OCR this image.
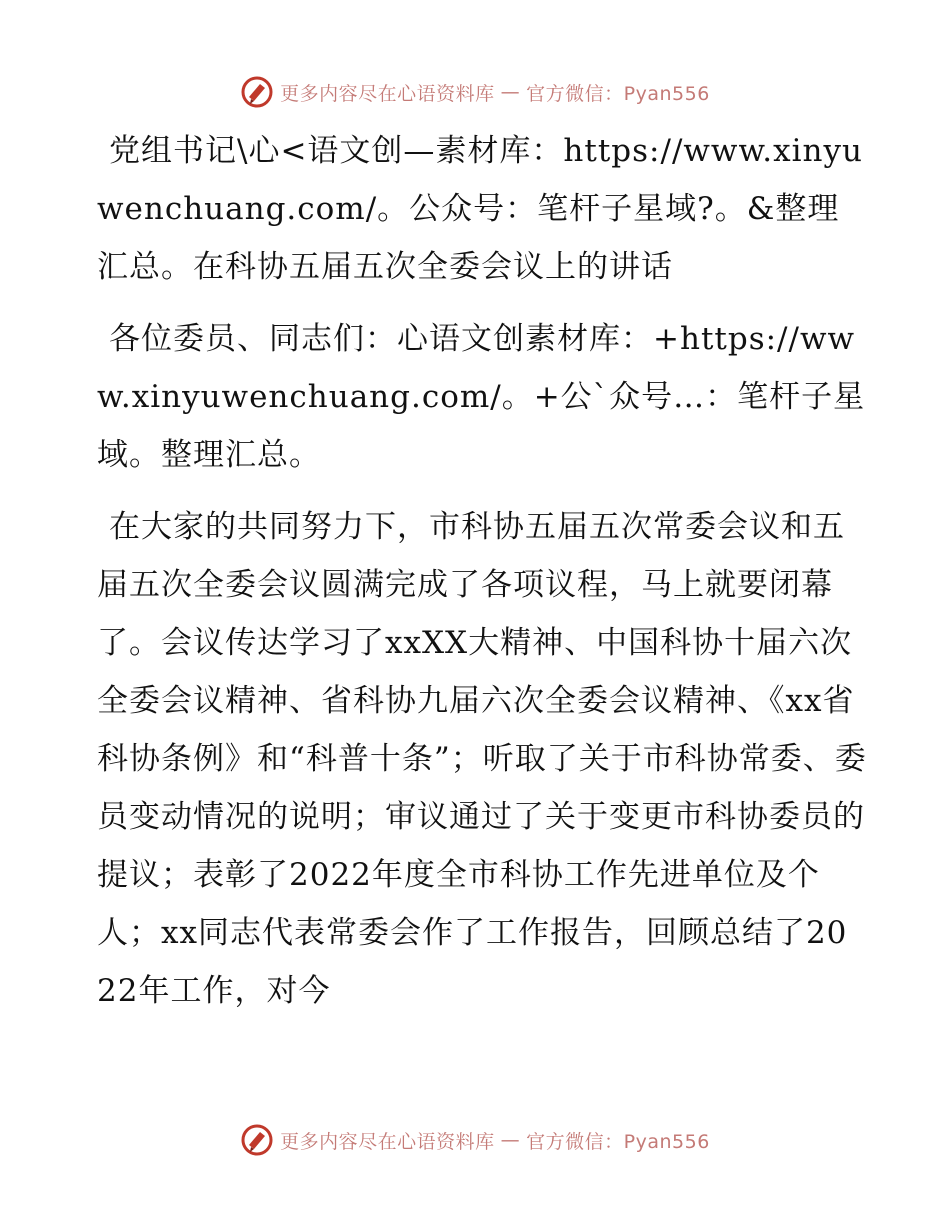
更多内容尽在心语资料库 — 官方微信：Pyan556

党组书记\心<语文创—素材库：https://www.xinyuwenchuang.com/。公众号：笔杆子星域?。&整理汇总。在科协五届五次全委会议上的讲话

各位委员、同志们：心语文创素材库：+https://www.xinyuwenchuang.com/。+公`众号…：笔杆子星域。整理汇总。

在大家的共同努力下，市科协五届五次常委会议和五届五次全委会议圆满完成了各项议程，马上就要闭幕了。会议传达学习了xxXX大精神、中国科协十届六次全委会议精神、省科协九届六次全委会议精神、《xx省科协条例》和“科普十条”；听取了关于市科协常委、委员变动情况的说明；审议通过了关于变更市科协委员的提议；表彰了2022年度全市科协工作先进单位及个人；xx同志代表常委会作了工作报告，回顾总结了2022年工作，对今

更多内容尽在心语资料库 — 官方微信：Pyan556
